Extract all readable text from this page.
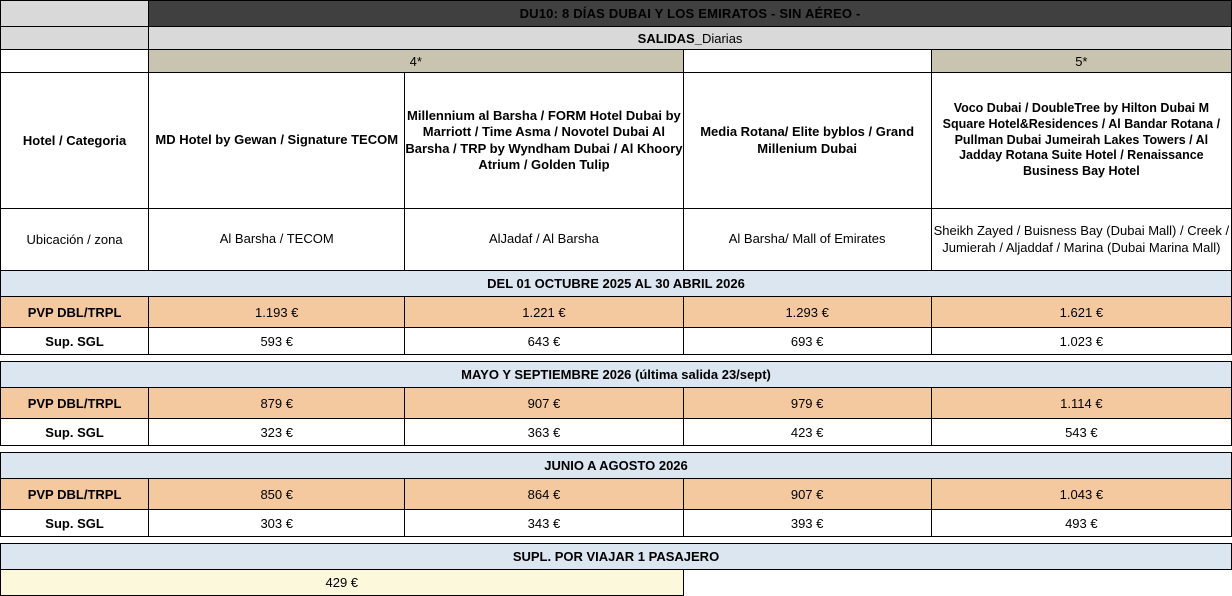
	DU10: 8 DÍAS DUBAI Y LOS EMIRATOS - SIN AÉREO -			
	SALIDAS_Diarias			
	4*			5*
Hotel / Categoria	MD Hotel by Gewan / Signature TECOM	Millennium al Barsha / FORM Hotel Dubai by Marriott / Time Asma / Novotel Dubai Al Barsha / TRP by Wyndham Dubai / Al Khoory Atrium / Golden Tulip	Media Rotana/ Elite byblos / Grand Millenium Dubai	Voco Dubai / DoubleTree by Hilton Dubai M Square Hotel&Residences / Al Bandar Rotana / Pullman Dubai Jumeirah Lakes Towers / Al Jadday Rotana Suite Hotel / Renaissance Business Bay Hotel
Ubicación / zona	Al Barsha / TECOM	AlJadaf / Al Barsha	Al Barsha/ Mall of Emirates	Sheikh Zayed / Buisness Bay (Dubai Mall) / Creek / Jumierah / Aljaddaf / Marina (Dubai Marina Mall)
DEL 01 OCTUBRE 2025 AL 30 ABRIL 2026				
PVP DBL/TRPL	1.193 €	1.221 €	1.293 €	1.621 €
Sup. SGL	593 €	643 €	693 €	1.023 €

MAYO Y SEPTIEMBRE 2026 (última salida 23/sept)				
PVP DBL/TRPL	879 €	907 €	979 €	1.114 €
Sup. SGL	323 €	363 €	423 €	543 €

JUNIO A AGOSTO 2026				
PVP DBL/TRPL	850 €	864 €	907 €	1.043 €
Sup. SGL	303 €	343 €	393 €	493 €

SUPL. POR VIAJAR 1 PASAJERO				
429 €				
